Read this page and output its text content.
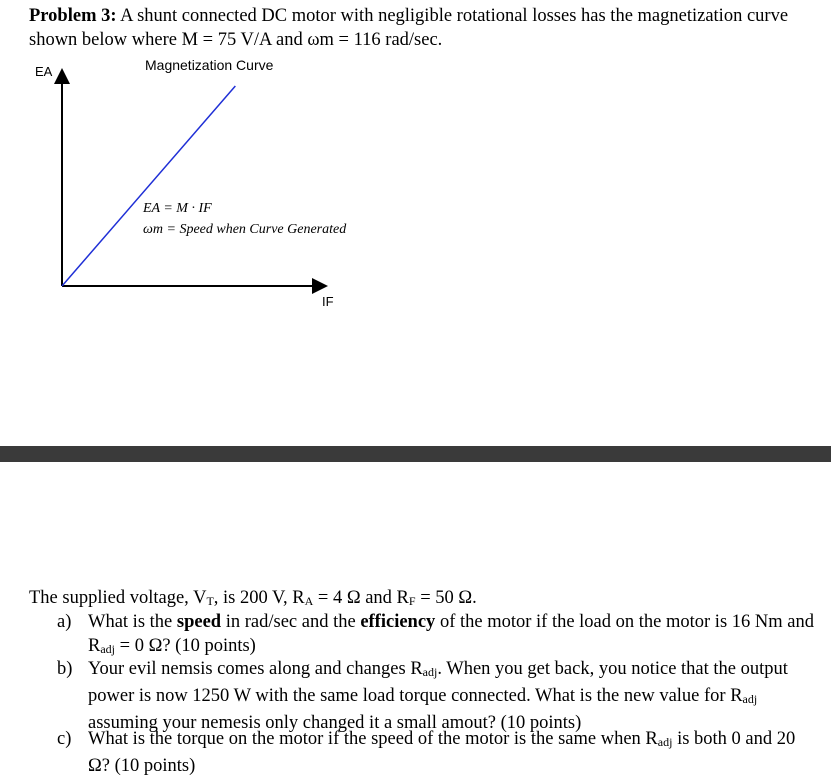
Problem 3: A shunt connected DC motor with negligible rotational losses has the magnetization curve shown below where M = 75 V/A and ωm = 116 rad/sec.
Magnetization Curve
EA
IF
EA = M · IF
ωm = Speed when Curve Generated
The supplied voltage, $V_T$, is 200 V, $R_A = 4$ Ω and $R_F = 50$ Ω.
a) What is the speed in rad/sec and the efficiency of the motor if the load on the motor is 16 Nm and $R_{adj} = 0$ Ω? (10 points)
b) Your evil nemsis comes along and changes $R_{adj}$. When you get back, you notice that the output power is now 1250 W with the same load torque connected. What is the new value for $R_{adj}$ assuming your nemesis only changed it a small amout? (10 points)
c) What is the torque on the motor if the speed of the motor is the same when $R_{adj}$ is both 0 and 20 Ω? (10 points)
